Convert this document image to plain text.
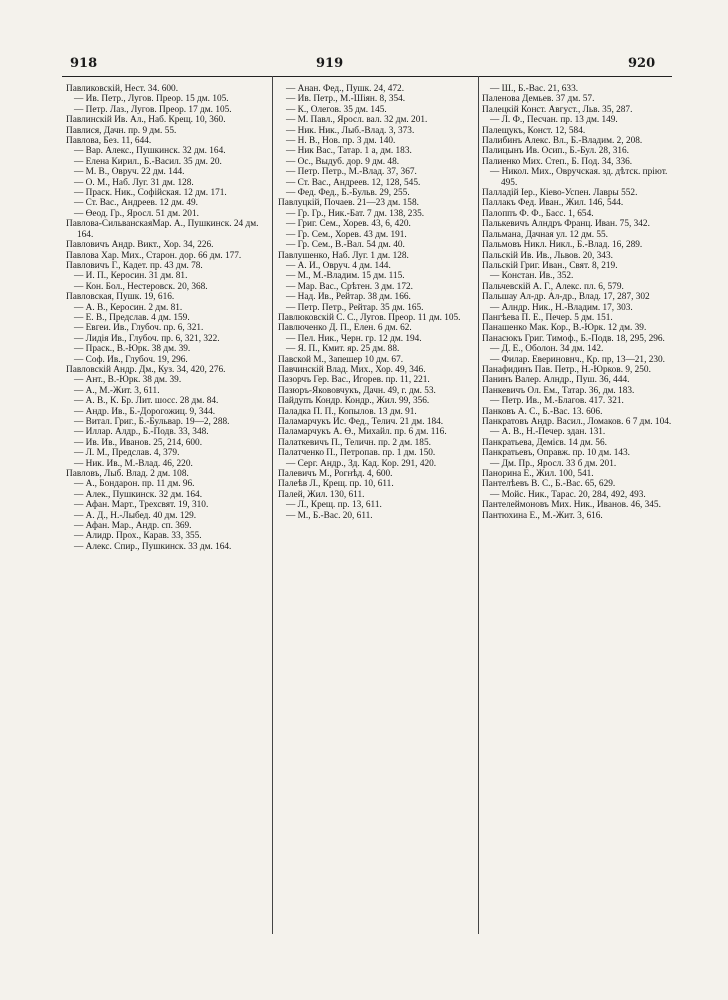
918	919	920

Павликовскій, Нест. 34. 600.

— Ив. Петр., Лугов. Преор. 15 дм. 105.

— Петр. Лаз., Лугов. Преор. 17 дм. 105.

Павлинскій Ив. Ал., Наб. Крещ. 10, 360.

Павлися, Дачн. пр. 9 дм. 55.

Павлова, Без. 11, 644.

— Вар. Алекс., Пушкинск. 32 дм. 164.

— Елена Кирил., Б.-Васил. 35 дм. 20.

— М. В., Овруч. 22 дм. 144.

— О. М., Наб. Луг. 31 дм. 128.

— Праск. Ник., Софійская. 12 дм. 171.

— Ст. Вас., Андреев. 12 дм. 49.

— Өеод. Гр., Яросл. 51 дм. 201.

Павлова-СильванскаяМар. А., Пушкинск. 24 дм. 164.

Павловичъ Андр. Викт., Хор. 34, 226.

Павлова Хар. Мих., Старон. дор. 66 дм. 177.

Павловичъ Г., Кадет. пр. 43 дм. 78.

— И. П., Керосин. 31 дм. 81.

— Кон. Бол., Нестеровск. 20, 368.

Павловская, Пушк. 19, 616.

— А. В., Керосин. 2 дм. 81.

— Е. В., Предслав. 4 дм. 159.

— Евгеи. Ив., Глубоч. пр. 6, 321.

— Лидія Ив., Глубоч. пр. 6, 321, 322.

— Праск., В.-Юрк. 38 дм. 39.

— Соф. Ив., Глубоч. 19, 296.

Павловскій Андр. Дм., Куз. 34, 420, 276.

— Ант., В.-Юрк. 38 дм. 39.

— А., М.-Жит. 3, 611.

— А. В., К. Бр. Лит. шосс. 28 дм. 84.

— Андр. Ив., Б.-Дорогожиц. 9, 344.

— Витал. Григ., Б.-Бульвар. 19—2, 288.

— Иллар. Алдр., Б.-Подв. 33, 348.

— Ив. Ив., Иванов. 25, 214, 600.

— Л. М., Предслав. 4, 379.

— Ник. Ив., М.-Влад. 46, 220.

Павловъ, Лыб. Влад. 2 дм. 108.

— А., Бондарон. пр. 11 дм. 96.

— Алек., Пушкинск. 32 дм. 164.

— Афан. Март., Трехсвят. 19, 310.

— А. Д., Н.-Лыбед. 40 дм. 129.

— Афан. Мар., Андр. сп. 369.

— Алидр. Прох., Карав. 33, 355.

— Алекс. Спир., Пушкинск. 33 дм. 164.

— Анан. Фед., Пушк. 24, 472.

— Ив. Петр., М.-Шіян. 8, 354.

— К., Олегов. 35 дм. 145.

— М. Павл., Яросл. вал. 32 дм. 201.

— Ник. Ник., Лыб.-Влад. 3, 373.

— Н. В., Нов. пр. 3 дм. 140.

— Ник Вас., Татар. 1 а, дм. 183.

— Ос., Выдуб. дор. 9 дм. 48.

— Петр. Петр., М.-Влад. 37, 367.

— Ст. Вас., Андреев. 12, 128, 545.

— Фед. Фед., Б.-Бульв. 29, 255.

Павлуцкій, Почаев. 21—23 дм. 158.

— Гр. Гр., Ник.-Бат. 7 дм. 138, 235.

— Григ. Сем., Хорев. 43, 6, 420.

— Гр. Сем., Хорев. 43 дм. 191.

— Гр. Сем., В.-Вал. 54 дм. 40.

Павлушенко, Наб. Луг. 1 дм. 128.

— А. И., Овруч. 4 дм. 144.

— М., М.-Владим. 15 дм. 115.

— Мар. Вас., Срѣтен. 3 дм. 172.

— Над. Ив., Рейтар. 38 дм. 166.

— Петр. Петр., Рейтар. 35 дм. 165.

Павлюковскій С. С., Лугов. Преор. 11 дм. 105.

Павлюченко Д. П., Елен. 6 дм. 62.

— Пел. Ник., Черн. гр. 12 дм. 194.

— Я. П., Кмит. яр. 25 дм. 88.

Павской М., Запешер 10 дм. 67.

Павчинскій Влад. Мих., Хор. 49, 346.

Пазорчъ Гер. Вас., Игорев. пр. 11, 221.

Пазюръ-Якововчукъ, Дачн. 49, г. дм. 53.

Пайдупъ Кондр. Кондр., Жил. 99, 356.

Паладка П. П., Копылов. 13 дм. 91.

Паламарчукъ Ис. Фед., Телич. 21 дм. 184.

Паламарчукъ А. Ө., Михайл. пр. 6 дм. 116.

Палаткевичъ П., Теличн. пр. 2 дм. 185.

Палатченко П., Петропав. пр. 1 дм. 150.

— Серг. Андр., Зд. Кад. Кор. 291, 420.

Палевичъ М., Рогнѣд. 4, 600.

Палеѣв Л., Крещ. пр. 10, 611.

Палей, Жил. 130, 611.

— Л., Крещ. пр. 13, 611.

— М., Б.-Вас. 20, 611.

— Ш., Б.-Вас. 21, 633.

Паленова Демьев. 37 дм. 57.

Палецкій Конст. Август., Льв. 35, 287.

— Л. Ф., Песчан. пр. 13 дм. 149.

Палещукъ, Конст. 12, 584.

Палибинъ Алекс. Вл., Б.-Владим. 2, 208.

Палицынъ Ив. Осип., Б.-Бул. 28, 316.

Палиенко Мих. Степ., Б. Под. 34, 336.

— Никол. Мих., Овручская. зд. дѣтск. пріют. 495.

Палладій Іер., Кіево-Успен. Лавры 552.

Паллакъ Фед. Иван., Жил. 146, 544.

Палоппъ Ф. Ф., Басс. 1, 654.

Палькевичъ Алндръ Франц. Иван. 75, 342.

Пальмана, Дачная ул. 12 дм. 55.

Пальмовъ Никл. Никл., Б.-Влад. 16, 289.

Пальскій Ив. Ив., Львов. 20, 343.

Пальскій Григ. Иван., Свят. 8, 219.

— Констан. Ив., 352.

Пальчевскій А. Г., Алекс. пл. 6, 579.

Пальшау Ал-др. Ал-др., Влад. 17, 287, 302

— Алндр. Ник., Н.-Владим. 17, 303.

Пангѣева П. Е., Печер. 5 дм. 151.

Панашенко Мак. Кор., В.-Юрк. 12 дм. 39.

Панасюкъ Григ. Тимоф., Б.-Подв. 18, 295, 296.

— Д. Е., Оболон. 34 дм. 142.

— Филар. Евериновнч., Кр. пр, 13—21, 230.

Панафидинъ Пав. Петр., Н.-Юрков. 9, 250.

Панинъ Валер. Алндр., Пуш. 36, 444.

Панкевичъ Ол. Ем., Татар. 36, дм. 183.

— Петр. Ив., М.-Благов. 417. 321.

Панковъ А. С., Б.-Вас. 13. 606.

Панкратовъ Андр. Васил., Ломаков. 6 7 дм. 104.

— А. В., Н.-Печер. здан. 131.

Панкратьева, Демієв. 14 дм. 56.

Панкратьевъ, Оправж. пр. 10 дм. 143.

— Дм. Пр., Яросл. 33 б дм. 201.

Панорина Е., Жил. 100, 541.

Пантелѣевъ В. С., Б.-Вас. 65, 629.

— Мойс. Ник., Тарас. 20, 284, 492, 493.

Пантелеймоновъ Мих. Ник., Иванов. 46, 345.

Пантюхина Е., М.-Жит. 3, 616.
